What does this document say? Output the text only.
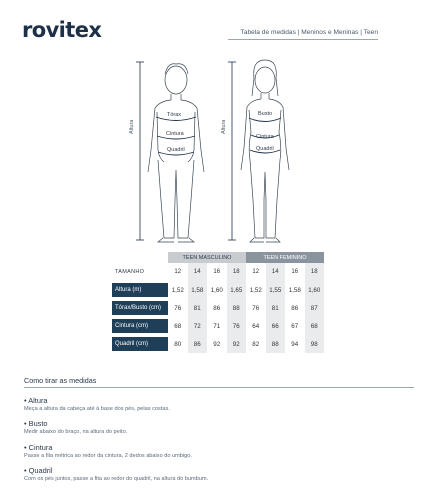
rovitex	Tabela de medidas | Meninos e Meninas | Teen
Altura
Tórax
Cintura
Quadril
Altura
Busto
Cintura
Quadril
TEEN MASCULINO	TEEN FEMININO
TAMANHO	12	14	16	18	12	14	16	18
Altura (m)	1,52	1,58	1,60	1,65	1,52	1,55	1,58	1,60
Tórax/Busto (cm)	76	81	86	88	76	81	86	87
Cintura (cm)	68	72	71	76	64	66	67	68
Quadril (cm)	80	86	92	92	82	88	94	98
Como tirar as medidas
• Altura
Meça a altura da cabeça até à base dos pés, pelas costas.
• Busto
Medir abaixo do braço, na altura do peito.
• Cintura
Passe a fita métrica ao redor da cintura, 2 dedos abaixo do umbigo.
• Quadril
Com os pés juntos, passe a fita ao redor do quadril, na altura do bumbum.
